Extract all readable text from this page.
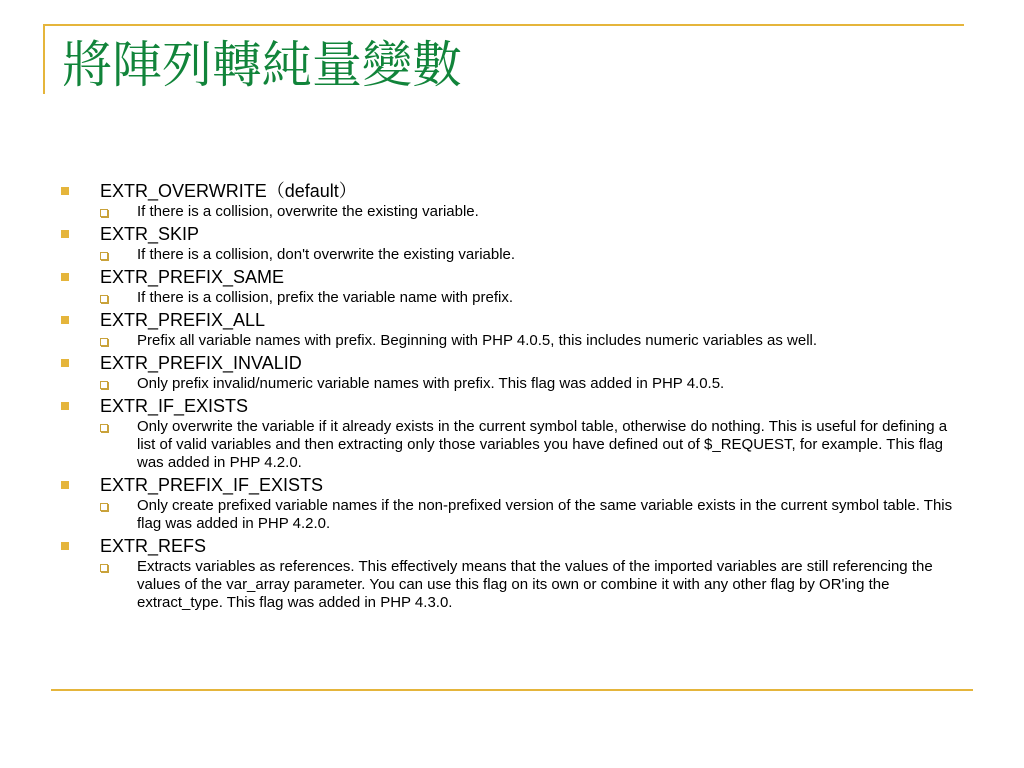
將陣列轉純量變數
EXTR_OVERWRITE（default）
If there is a collision, overwrite the existing variable.
EXTR_SKIP
If there is a collision, don't overwrite the existing variable.
EXTR_PREFIX_SAME
If there is a collision, prefix the variable name with prefix.
EXTR_PREFIX_ALL
Prefix all variable names with prefix. Beginning with PHP 4.0.5, this includes numeric variables as well.
EXTR_PREFIX_INVALID
Only prefix invalid/numeric variable names with prefix. This flag was added in PHP 4.0.5.
EXTR_IF_EXISTS
Only overwrite the variable if it already exists in the current symbol table, otherwise do nothing. This is useful for defining a list of valid variables and then extracting only those variables you have defined out of $_REQUEST, for example. This flag was added in PHP 4.2.0.
EXTR_PREFIX_IF_EXISTS
Only create prefixed variable names if the non-prefixed version of the same variable exists in the current symbol table. This flag was added in PHP 4.2.0.
EXTR_REFS
Extracts variables as references. This effectively means that the values of the imported variables are still referencing the values of the var_array parameter. You can use this flag on its own or combine it with any other flag by OR'ing the extract_type. This flag was added in PHP 4.3.0.
